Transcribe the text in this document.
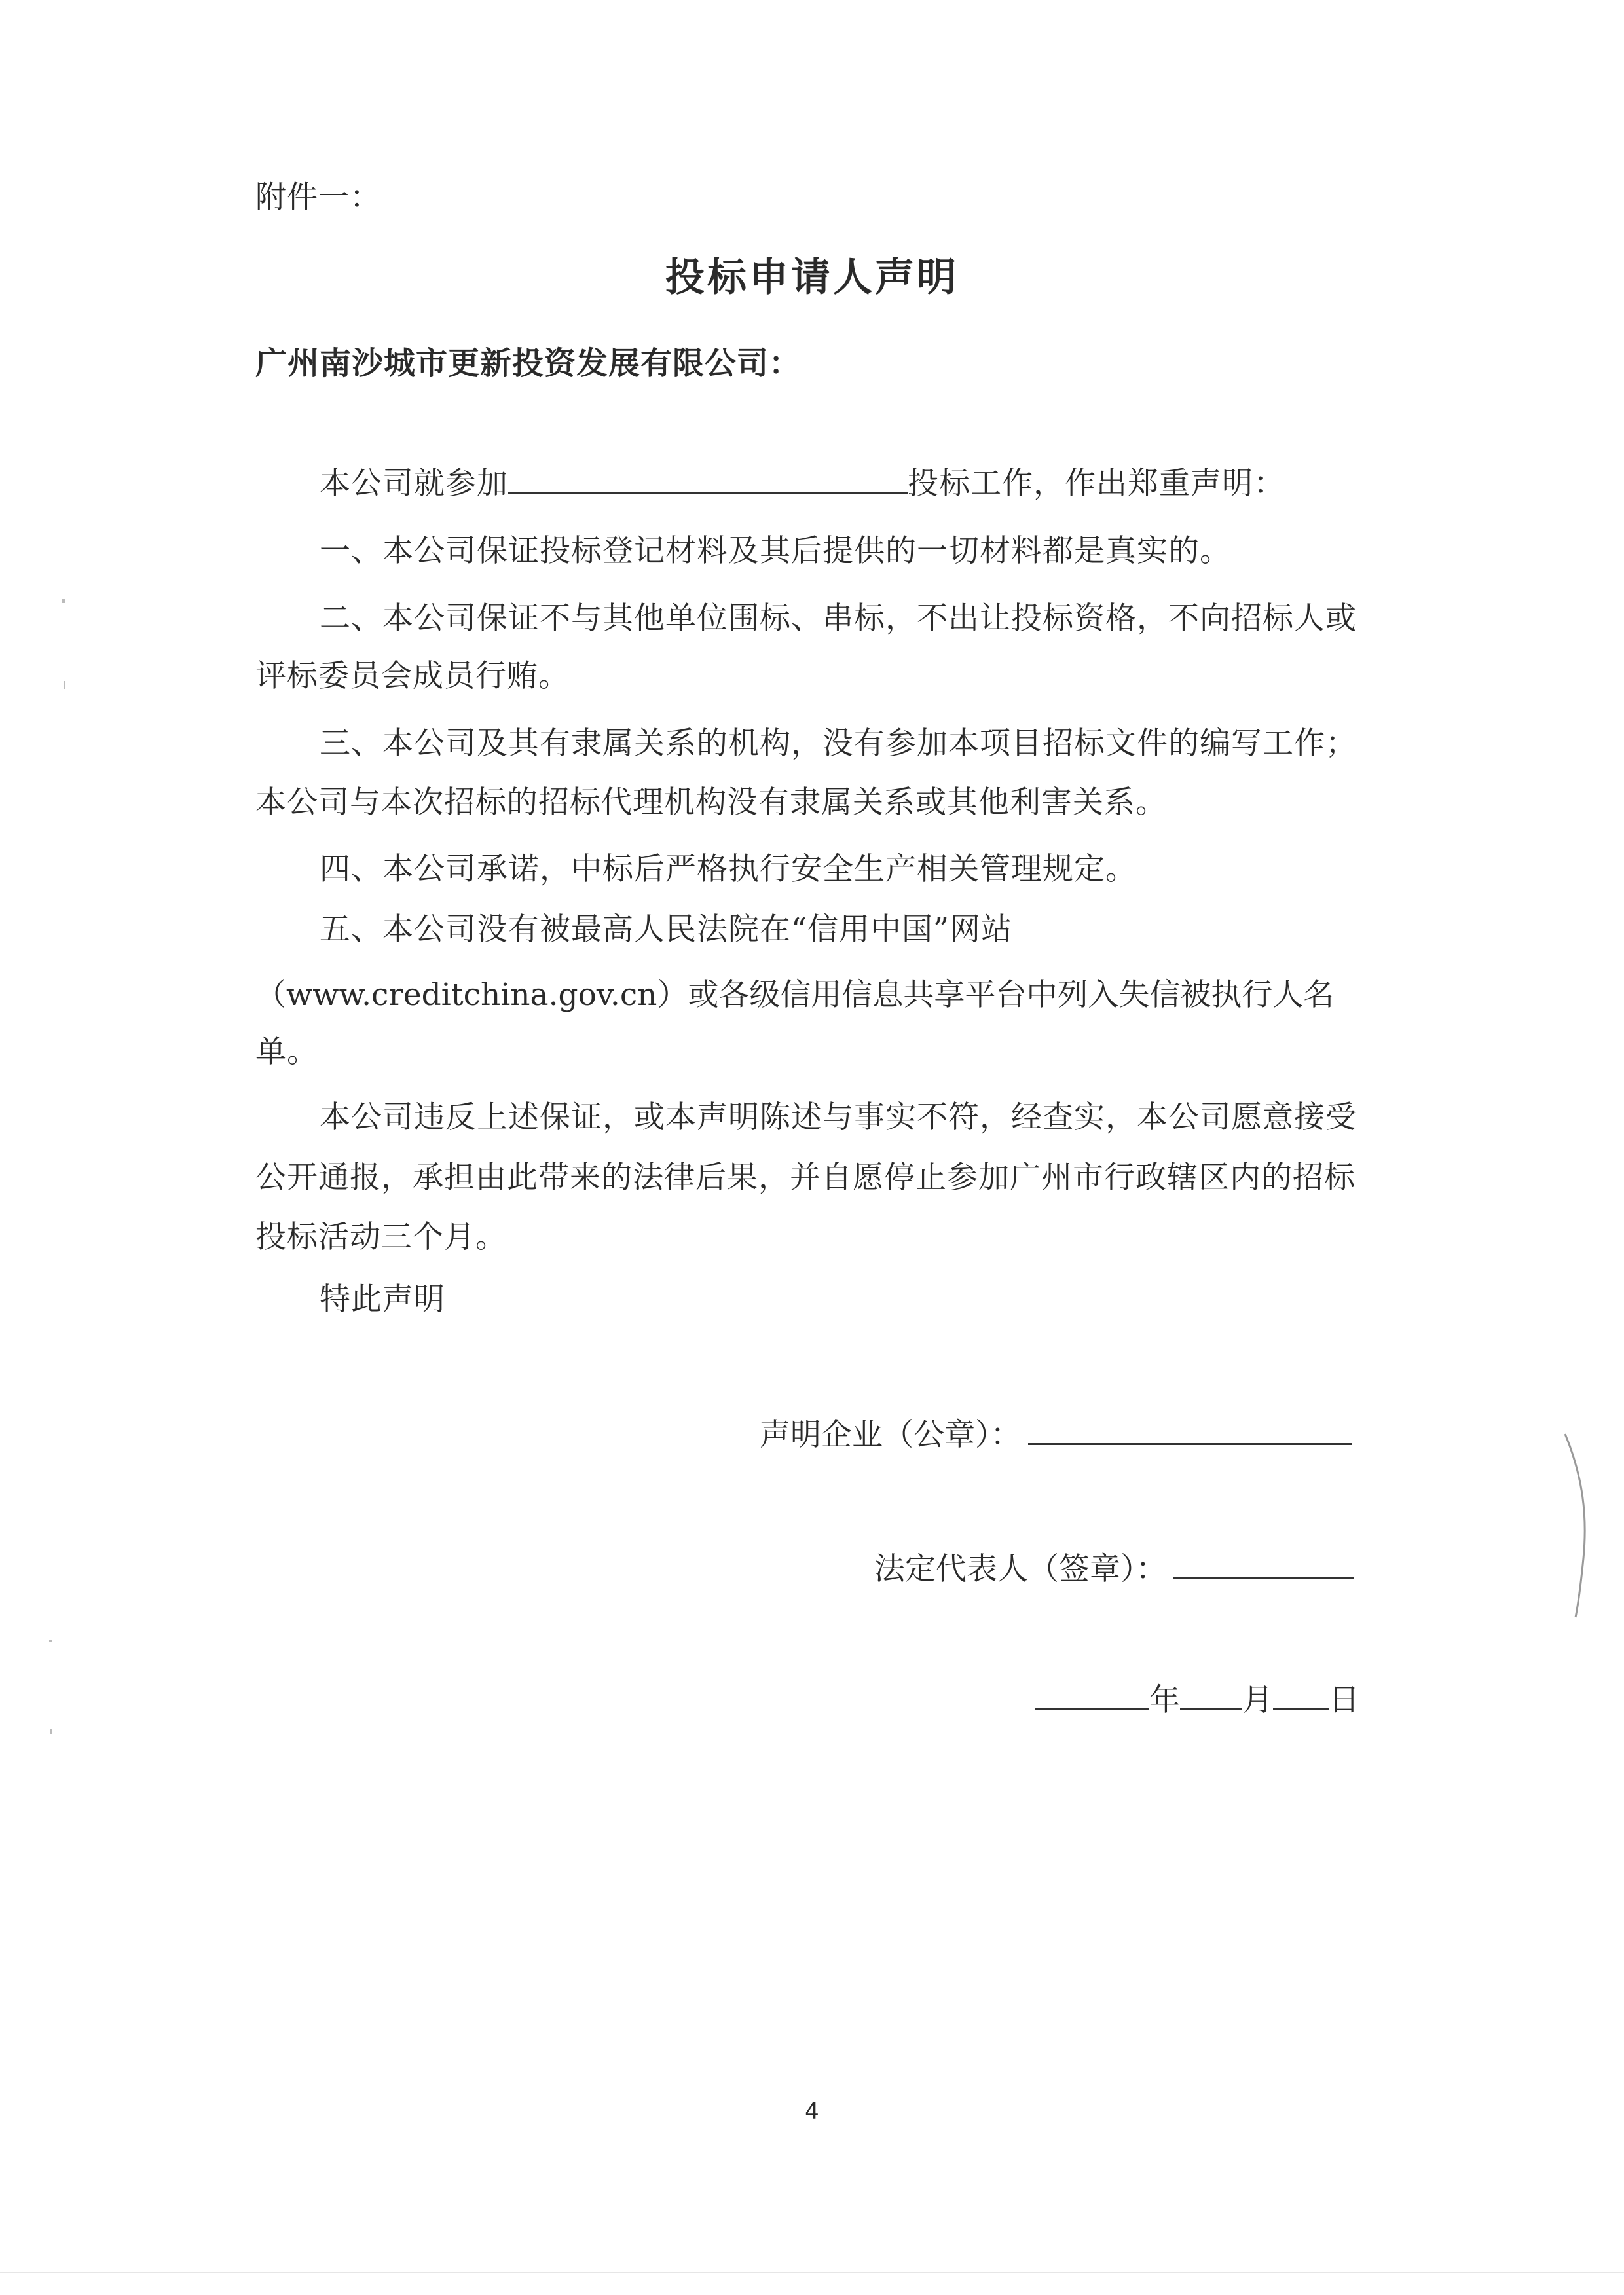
附件一：
投标申请人声明
广州南沙城市更新投资发展有限公司：
本公司就参加	投标工作，作出郑重声明：
一、本公司保证投标登记材料及其后提供的一切材料都是真实的。
二、本公司保证不与其他单位围标、串标，不出让投标资格，不向招标人或
评标委员会成员行贿。
三、本公司及其有隶属关系的机构，没有参加本项目招标文件的编写工作；
本公司与本次招标的招标代理机构没有隶属关系或其他利害关系。
四、本公司承诺，中标后严格执行安全生产相关管理规定。
五、本公司没有被最高人民法院在“信用中国”网站
（www.creditchina.gov.cn）或各级信用信息共享平台中列入失信被执行人名
单。
本公司违反上述保证，或本声明陈述与事实不符，经查实，本公司愿意接受
公开通报，承担由此带来的法律后果，并自愿停止参加广州市行政辖区内的招标
投标活动三个月。
特此声明
声明企业（公章）：
法定代表人（签章）：
年 月 日
4
